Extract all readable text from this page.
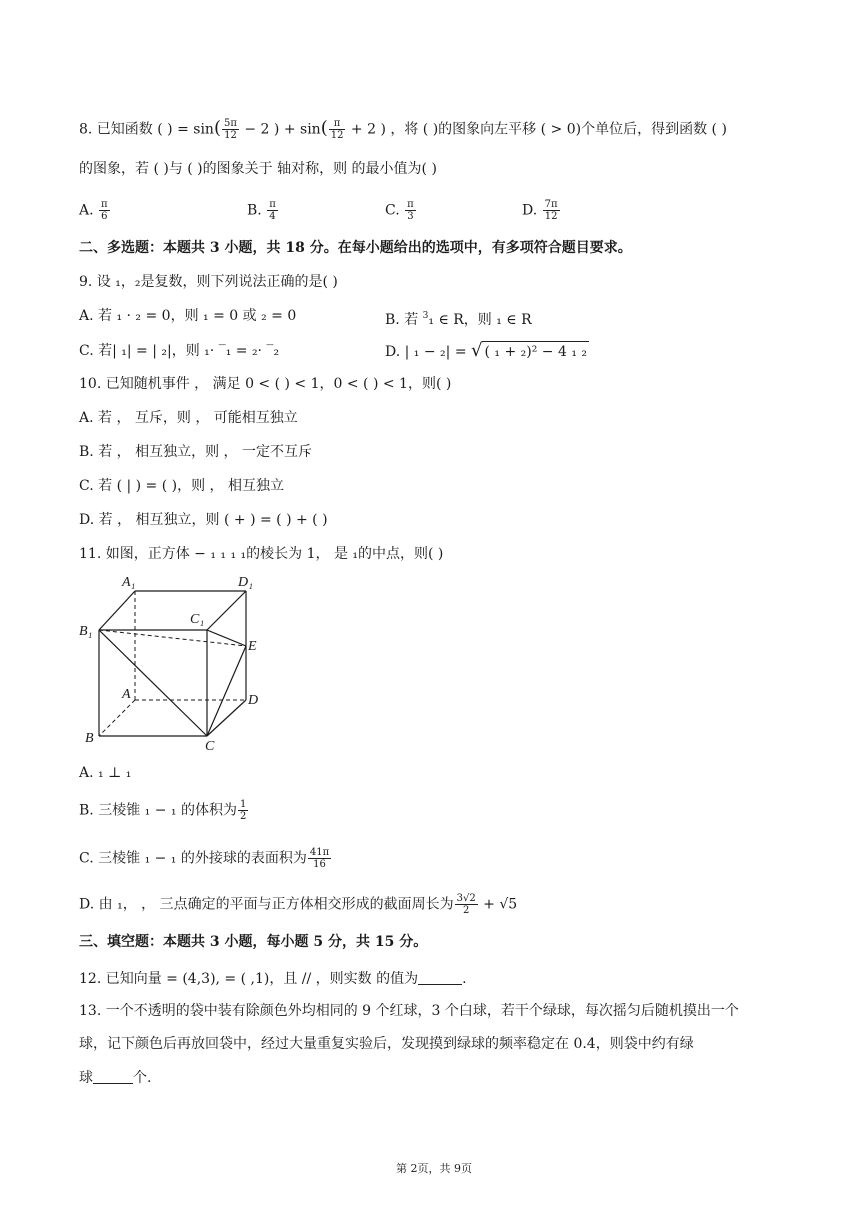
8. 已知函数 ( ) = $\sin( \frac{5\pi}{12} - 2$ ) + $\sin( \frac{\pi}{12} + 2$ ) ，将 ( )的图象向左平移 ( > 0)个单位后，得到函数 ( )
的图象，若 ( )与 ( )的图象关于 轴对称，则 的最小值为( )
A. $\frac{\pi}{6}$	B. $\frac{\pi}{4}$	C. $\frac{\pi}{3}$	D. $\frac{7\pi}{12}$
二、多选题：本题共 3 小题，共 18 分。在每小题给出的选项中，有多项符合题目要求。
9. 设 ₁，₂是复数，则下列说法正确的是( )
A. 若 ₁ · ₂ = 0，则 ₁ = 0 或 ₂ = 0	B. 若 $^3$₁ ∈ R，则 ₁ ∈ R
C. 若| ₁| = | ₂|，则 ₁· ‾₁ = ₂· ‾₂	D. | ₁ − ₂| = √ ( ₁ + ₂)² − 4 ₁ ₂
10. 已知随机事件 ， 满足 0 < ( ) < 1，0 < ( ) < 1，则( )
A. 若 ， 互斥，则 ， 可能相互独立
B. 若 ， 相互独立，则 ， 一定不互斥
C. 若 ( | ) = ( )，则 ， 相互独立
D. 若 ， 相互独立，则 ( + ) = ( ) + ( )
11. 如图，正方体 − ₁ ₁ ₁ ₁的棱长为 1， 是 ₁的中点，则( )
A₁	D₁
C₁
B₁
E
A	D
B
C
A. ₁ ⊥ ₁
B. 三棱锥 ₁ − ₁ 的体积为 $\frac{1}{2}$
C. 三棱锥 ₁ − ₁ 的外接球的表面积为 $\frac{41\pi}{16}$
D. 由 ₁， ， 三点确定的平面与正方体相交形成的截面周长为 $\frac{3√2}{2} + √5$
三、填空题：本题共 3 小题，每小题 5 分，共 15 分。
12. 已知向量 = (4,3), = ( ,1)，且 // ，则实数 的值为	.
13. 一个不透明的袋中装有除颜色外均相同的 9 个红球，3 个白球，若干个绿球，每次摇匀后随机摸出一个
球，记下颜色后再放回袋中，经过大量重复实验后，发现摸到绿球的频率稳定在 0.4，则袋中约有绿
球	个.
第 2页，共 9页
